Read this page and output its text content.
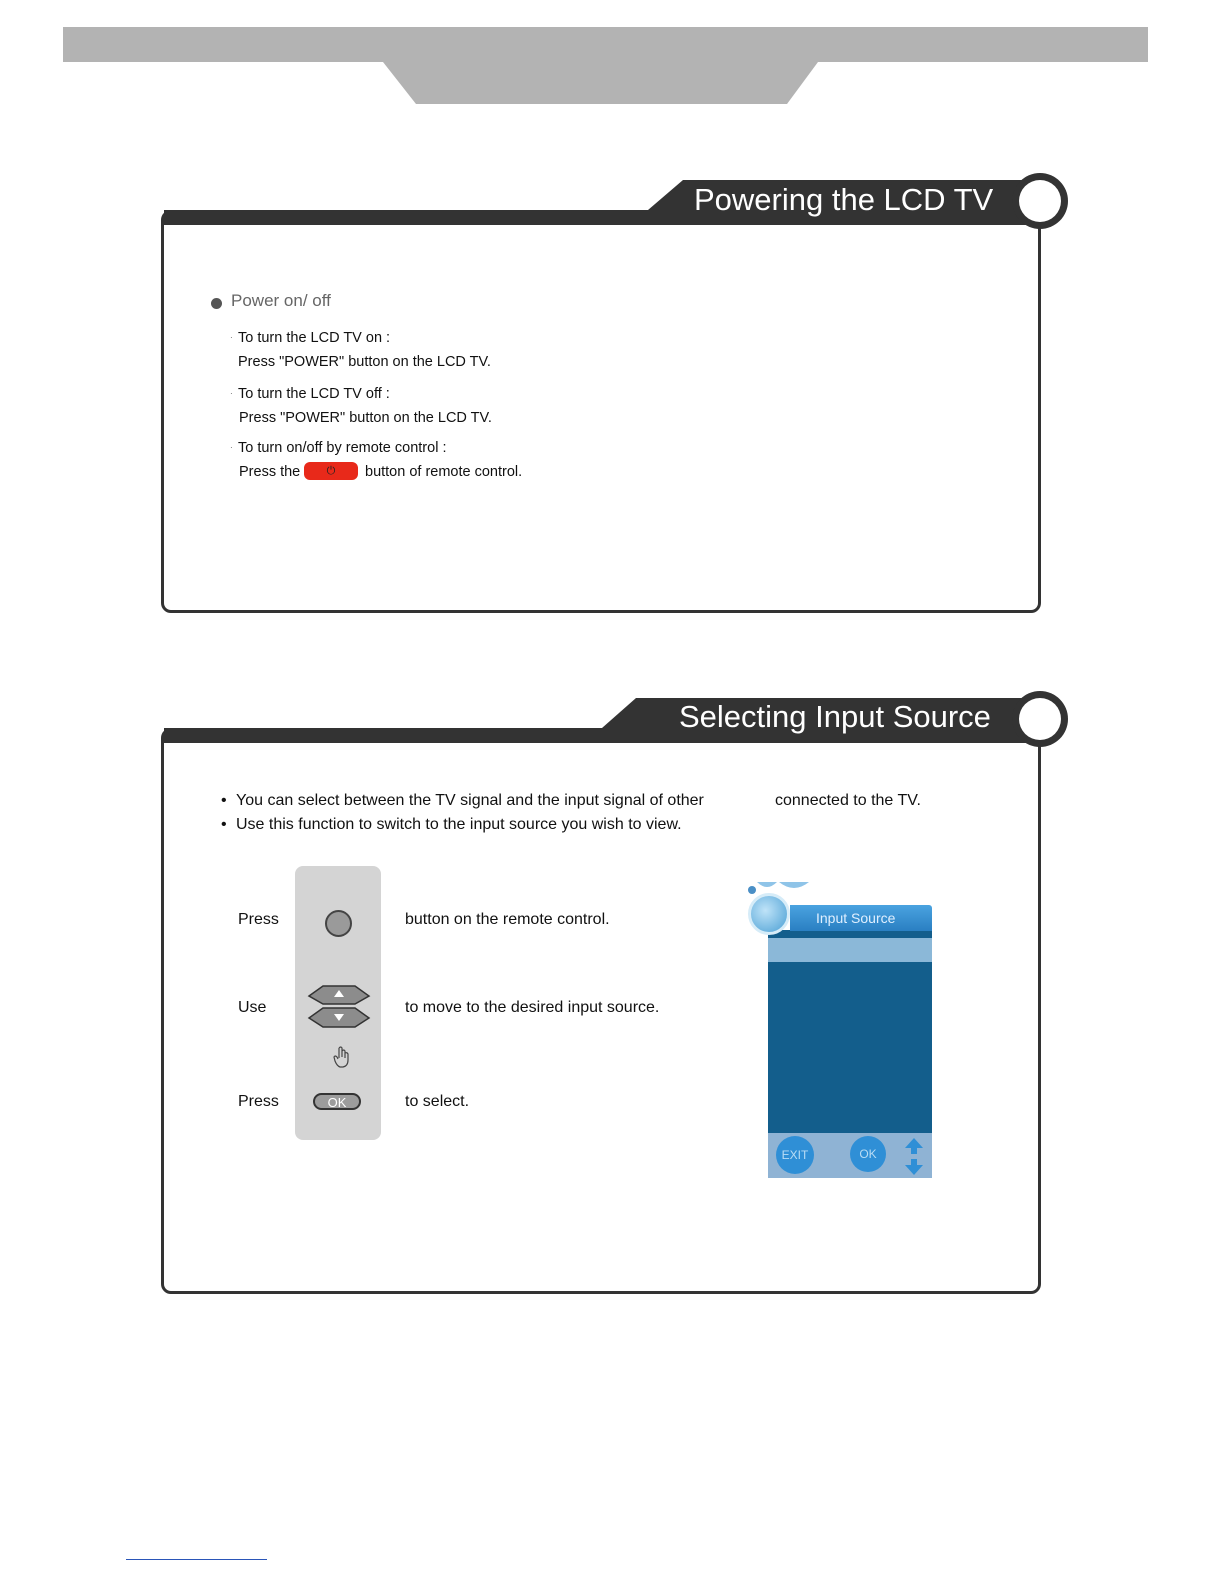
Powering the LCD TV
Power on/ off
· To turn the LCD TV on :
Press "POWER" button on the LCD TV.
· To turn the LCD TV off :
Press "POWER" button on the LCD TV.
· To turn on/off by remote control :
Press the	⏻	button of remote control.
Selecting Input Source
• You can select between the TV signal and the input signal of other	connected to the TV.
• Use this function to switch to the input source you wish to view.
OK
Press	button on the remote control.
Use	to move to the desired input source.
Press	to select.
Input Source
EXIT	OK
